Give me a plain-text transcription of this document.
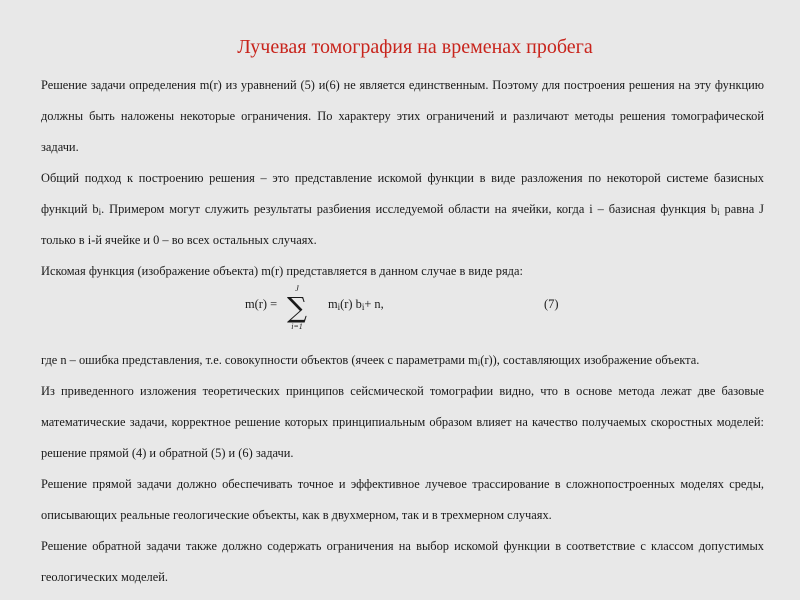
Лучевая томография на временах пробега

Решение задачи определения m(r) из уравнений (5) и(6) не является единственным. Поэтому для построения решения на эту функцию должны быть наложены некоторые ограничения. По характеру этих ограничений и различают методы решения томографической задачи.

Общий подход к построению решения – это представление искомой функции в виде разложения по некоторой системе базисных функций $b_i$. Примером могут служить результаты разбиения исследуемой области на ячейки, когда i – базисная функция $b_i$ равна J только в i-й ячейке и 0 – во всех остальных случаях.

Искомая функция (изображение объекта) m(r) представляется в данном случае в виде ряда:

m(r) =
J
∑
i=1
$m_i(r)$ $b_i+ n$,	(7)

где n – ошибка представления, т.е. совокупности объектов (ячеек с параметрами $m_i(r)$), составляющих изображение объекта.

Из приведенного изложения теоретических принципов сейсмической томографии видно, что в основе метода лежат две базовые математические задачи, корректное решение которых принципиальным образом влияет на качество получаемых скоростных моделей: решение прямой (4) и обратной (5) и (6) задачи.

Решение прямой задачи должно обеспечивать точное и эффективное лучевое трассирование в сложнопостроенных моделях среды, описывающих реальные геологические объекты, как в двухмерном, так и в трехмерном случаях.

Решение обратной задачи также должно содержать ограничения на выбор искомой функции в соответствие с классом допустимых геологических моделей.
